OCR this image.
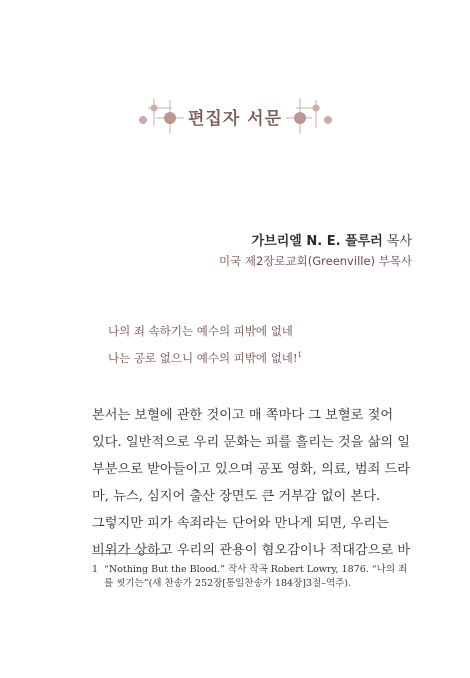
편집자 서문
가브리엘 N. E. 플루러 목사
미국 제2장로교회(Greenville) 부목사
나의 죄 속하기는 예수의 피밖에 없네
나는 공로 없으니 예수의 피밖에 없네!$^1$
본서는 보혈에 관한 것이고 매 쪽마다 그 보혈로 젖어
있다. 일반적으로 우리 문화는 피를 흘리는 것을 삶의 일
부분으로 받아들이고 있으며 공포 영화, 의료, 범죄 드라
마, 뉴스, 심지어 출산 장면도 큰 거부감 없이 본다.
그렇지만 피가 속죄라는 단어와 만나게 되면, 우리는
비위가 상하고 우리의 관용이 혐오감이나 적대감으로 바
1 “Nothing But the Blood.” 작사 작곡 Robert Lowry, 1876. “나의 죄
를 씻기는”(새 찬송가 252장[통일찬송가 184장]3절–역주).
